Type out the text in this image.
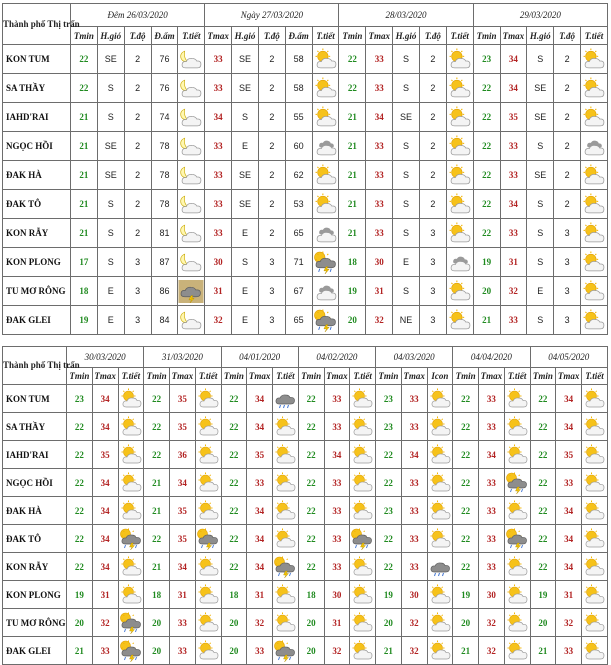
Thành phố Thị trấn	Đêm 26/03/2020					Ngày 27/03/2020					28/03/2020					29/03/2020				
	Tmin	H.gió	T.độ	Đ.ẩm	T.tiết	Tmax	H.gió	T.độ	Đ.ẩm	T.tiết	Tmin	Tmax	H.gió	T.độ	T.tiết	Tmin	Tmax	H.gió	T.độ	T.tiết
KON TUM	22	SE	2	76		33	SE	2	58		22	33	S	2		23	34	S	2	

SA THẦY	22	S	2	76		33	SE	2	58		22	33	S	2		22	34	SE	2	

IAHD'RAI	21	S	2	74		34	S	2	55		21	34	SE	2		22	35	SE	2	

NGỌC HỒI	21	SE	2	78		33	E	2	60		21	33	S	2		22	33	S	2	

ĐAK HÀ	21	SE	2	78		33	SE	2	62		21	33	S	2		22	33	SE	2	

ĐAK TÔ	21	S	2	78		33	SE	2	53		21	33	S	2		22	34	S	2	

KON RẪY	21	S	2	81		33	E	2	65		21	33	S	3		22	33	S	3	

KON PLONG	17	S	3	87		30	S	3	71		18	30	E	3		19	31	S	3	

TU MƠ RÔNG	18	E	3	86		31	E	3	67		19	31	S	3		20	32	E	3	

ĐAK GLEI	19	E	3	84		32	E	3	65		20	32	NE	3		21	33	S	3	
Thành phố Thị trấn	30/03/2020			31/03/2020			04/01/2020			04/02/2020			04/03/2020			04/04/2020			04/05/2020		
	Tmin	Tmax	T.tiết	Tmin	Tmax	T.tiết	Tmin	Tmax	T.tiết	Tmin	Tmax	T.tiết	Tmin	Tmax	Icon	Tmin	Tmax	T.tiết	Tmin	Tmax	T.tiết
KON TUM	23	34		22	35		22	34		22	33		23	33		22	33		22	34	

SA THẦY	22	34		22	35		22	34		22	33		23	33		22	33		22	34	

IAHD'RAI	22	35		22	36		22	35		22	34		22	34		22	34		22	35	

NGỌC HỒI	22	34		21	34		22	33		22	33		22	33		22	33		22	33	

ĐAK HÀ	22	34		21	35		22	34		22	33		23	33		22	33		22	34	

ĐAK TÔ	22	34		22	35		22	34		22	33		22	33		22	33		22	34	

KON RẪY	22	34		21	34		22	34		22	33		22	33		22	33		22	34	

KON PLONG	19	31		18	31		18	31		18	30		19	30		19	30		19	31	

TU MƠ RÔNG	20	32		20	33		20	32		20	31		20	32		20	32		20	32	

ĐAK GLEI	21	33		20	33		20	33		20	32		21	32		21	32		21	33	
